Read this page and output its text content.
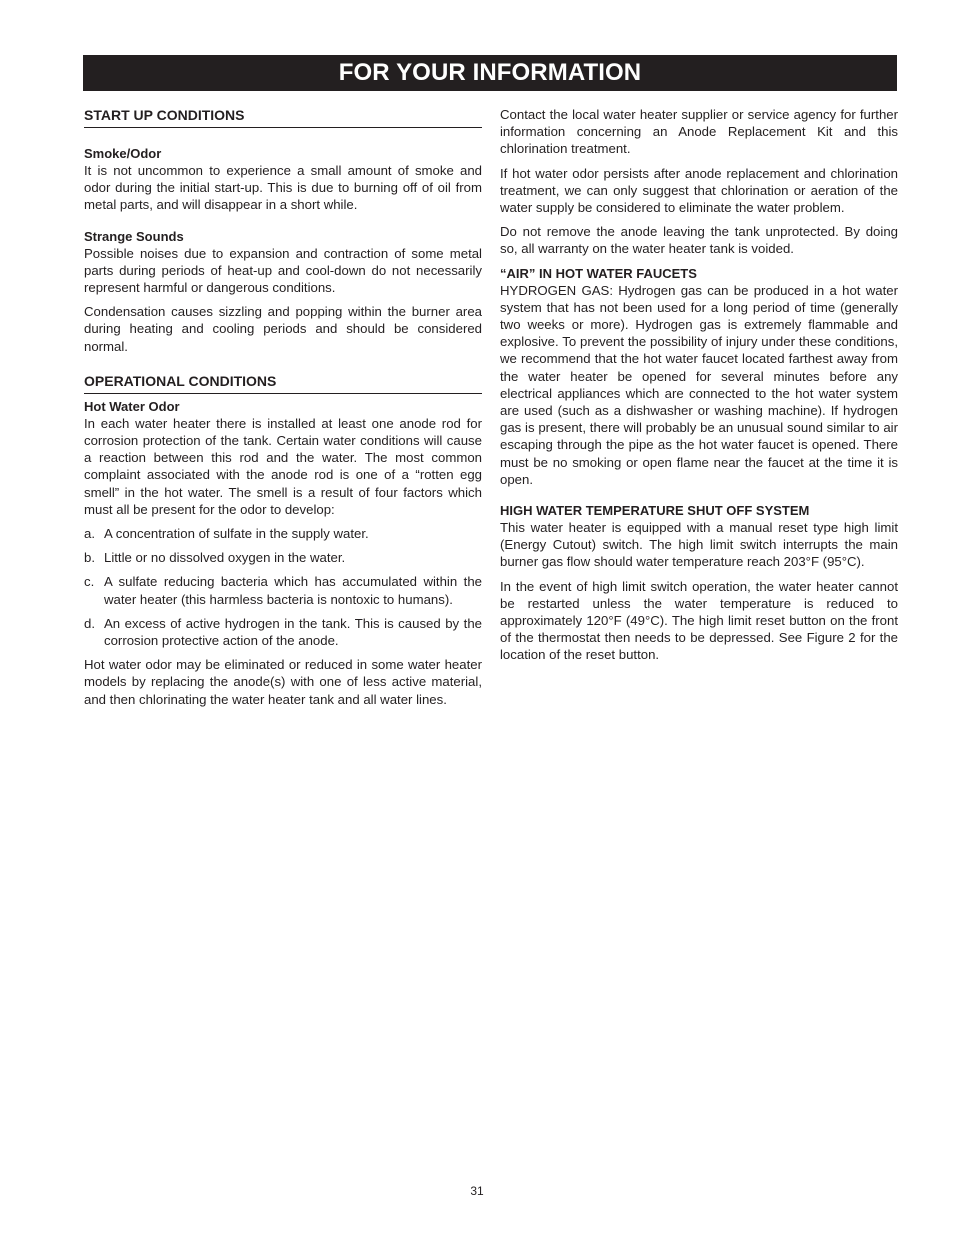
FOR YOUR INFORMATION
START UP CONDITIONS
Smoke/Odor

It is not uncommon to experience a small amount of smoke and odor during the initial start-up. This is due to burning off of oil from metal parts, and will disappear in a short while.

Strange Sounds

Possible noises due to expansion and contraction of some metal parts during periods of heat-up and cool-down do not necessarily represent harmful or dangerous conditions.

Condensation causes sizzling and popping within the burner area during heating and cooling periods and should be considered normal.

OPERATIONAL CONDITIONS
Hot Water Odor

In each water heater there is installed at least one anode rod for corrosion protection of the tank. Certain water conditions will cause a reaction between this rod and the water. The most common complaint associated with the anode rod is one of a “rotten egg smell” in the hot water. The smell is a result of four factors which must all be present for the odor to develop:

a. A concentration of sulfate in the supply water.
b. Little or no dissolved oxygen in the water.
c. A sulfate reducing bacteria which has accumulated within the water heater (this harmless bacteria is nontoxic to humans).
d. An excess of active hydrogen in the tank. This is caused by the corrosion protective action of the anode.

Hot water odor may be eliminated or reduced in some water heater models by replacing the anode(s) with one of less active material, and then chlorinating the water heater tank and all water lines.

Contact the local water heater supplier or service agency for further information concerning an Anode Replacement Kit and this chlorination treatment.

If hot water odor persists after anode replacement and chlorination treatment, we can only suggest that chlorination or aeration of the water supply be considered to eliminate the water problem.

Do not remove the anode leaving the tank unprotected. By doing so, all warranty on the water heater tank is voided.

“AIR” IN HOT WATER FAUCETS

HYDROGEN GAS: Hydrogen gas can be produced in a hot water system that has not been used for a long period of time (generally two weeks or more). Hydrogen gas is extremely flammable and explosive. To prevent the possibility of injury under these conditions, we recommend that the hot water faucet located farthest away from the water heater be opened for several minutes before any electrical appliances which are connected to the hot water system are used (such as a dishwasher or washing machine). If hydrogen gas is present, there will probably be an unusual sound similar to air escaping through the pipe as the hot water faucet is opened. There must be no smoking or open flame near the faucet at the time it is open.

HIGH WATER TEMPERATURE SHUT OFF SYSTEM

This water heater is equipped with a manual reset type high limit (Energy Cutout) switch. The high limit switch interrupts the main burner gas flow should water temperature reach 203°F (95°C).

In the event of high limit switch operation, the water heater cannot be restarted unless the water temperature is reduced to approximately 120°F (49°C). The high limit reset button on the front of the thermostat then needs to be depressed. See Figure 2 for the location of the reset button.

31
